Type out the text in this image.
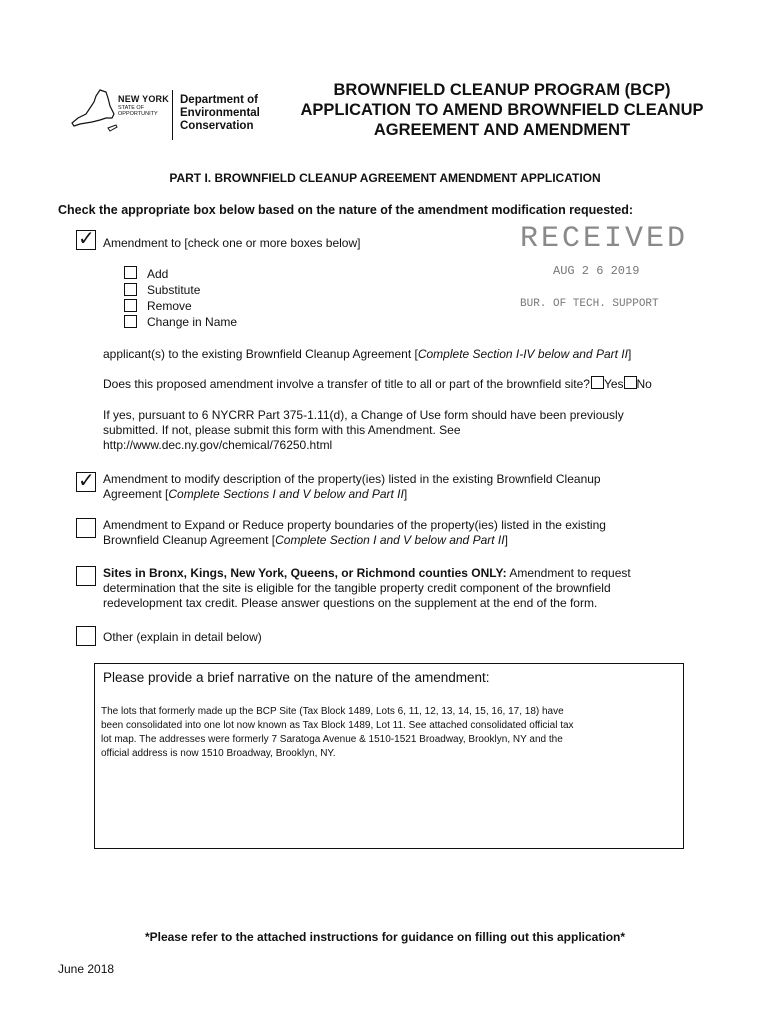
NEW YORK
STATE OF
OPPORTUNITY
Department of
Environmental
Conservation
BROWNFIELD CLEANUP PROGRAM (BCP)
APPLICATION TO AMEND BROWNFIELD CLEANUP
AGREEMENT AND AMENDMENT
PART I. BROWNFIELD CLEANUP AGREEMENT AMENDMENT APPLICATION
Check the appropriate box below based on the nature of the amendment modification requested:
✓ Amendment to [check one or more boxes below]
Add
Substitute
Remove
Change in Name
RECEIVED
AUG 2 6 2019
BUR. OF TECH. SUPPORT
applicant(s) to the existing Brownfield Cleanup Agreement [Complete Section I-IV below and Part II]
Does this proposed amendment involve a transfer of title to all or part of the brownfield site? Yes No
If yes, pursuant to 6 NYCRR Part 375-1.11(d), a Change of Use form should have been previously
submitted. If not, please submit this form with this Amendment. See
http://www.dec.ny.gov/chemical/76250.html
✓ Amendment to modify description of the property(ies) listed in the existing Brownfield Cleanup
Agreement [Complete Sections I and V below and Part II]
Amendment to Expand or Reduce property boundaries of the property(ies) listed in the existing
Brownfield Cleanup Agreement [Complete Section I and V below and Part II]
Sites in Bronx, Kings, New York, Queens, or Richmond counties ONLY: Amendment to request
determination that the site is eligible for the tangible property credit component of the brownfield
redevelopment tax credit. Please answer questions on the supplement at the end of the form.
Other (explain in detail below)
Please provide a brief narrative on the nature of the amendment:
The lots that formerly made up the BCP Site (Tax Block 1489, Lots 6, 11, 12, 13, 14, 15, 16, 17, 18) have
been consolidated into one lot now known as Tax Block 1489, Lot 11. See attached consolidated official tax
lot map. The addresses were formerly 7 Saratoga Avenue & 1510-1521 Broadway, Brooklyn, NY and the
official address is now 1510 Broadway, Brooklyn, NY.
*Please refer to the attached instructions for guidance on filling out this application*
June 2018
